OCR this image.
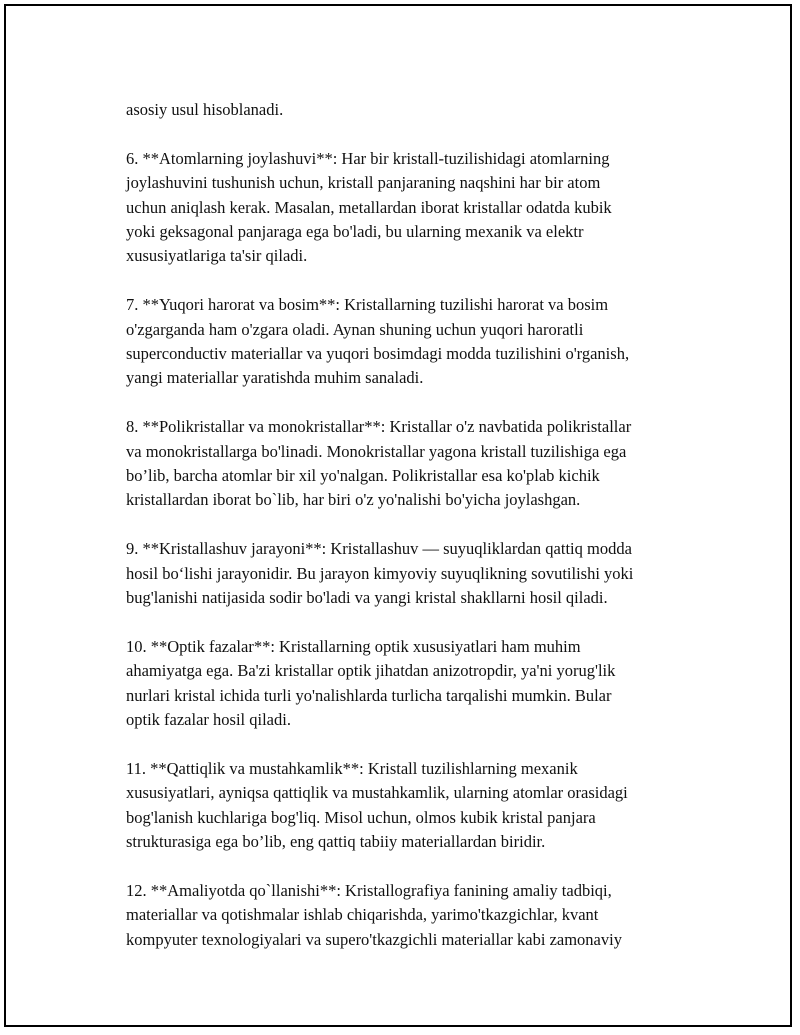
asosiy usul hisoblanadi.

6. **Atomlarning joylashuvi**: Har bir kristall-tuzilishidagi atomlarning
joylashuvini tushunish uchun, kristall panjaraning naqshini har bir atom
uchun aniqlash kerak. Masalan, metallardan iborat kristallar odatda kubik
yoki geksagonal panjaraga ega bo'ladi, bu ularning mexanik va elektr
xususiyatlariga ta'sir qiladi.

7. **Yuqori harorat va bosim**: Kristallarning tuzilishi harorat va bosim
o'zgarganda ham o'zgara oladi. Aynan shuning uchun yuqori haroratli
superconductiv materiallar va yuqori bosimdagi modda tuzilishini o'rganish,
yangi materiallar yaratishda muhim sanaladi.

8. **Polikristallar va monokristallar**: Kristallar o'z navbatida polikristallar
va monokristallarga bo'linadi. Monokristallar yagona kristall tuzilishiga ega
bo’lib, barcha atomlar bir xil yo'nalgan. Polikristallar esa ko'plab kichik
kristallardan iborat bo`lib, har biri o'z yo'nalishi bo'yicha joylashgan.

9. **Kristallashuv jarayoni**: Kristallashuv — suyuqliklardan qattiq modda
hosil bo‘lishi jarayonidir. Bu jarayon kimyoviy suyuqlikning sovutilishi yoki
bug'lanishi natijasida sodir bo'ladi va yangi kristal shakllarni hosil qiladi.

10. **Optik fazalar**: Kristallarning optik xususiyatlari ham muhim
ahamiyatga ega. Ba'zi kristallar optik jihatdan anizotropdir, ya'ni yorug'lik
nurlari kristal ichida turli yo'nalishlarda turlicha tarqalishi mumkin. Bular
optik fazalar hosil qiladi.

11. **Qattiqlik va mustahkamlik**: Kristall tuzilishlarning mexanik
xususiyatlari, ayniqsa qattiqlik va mustahkamlik, ularning atomlar orasidagi
bog'lanish kuchlariga bog'liq. Misol uchun, olmos kubik kristal panjara
strukturasiga ega bo’lib, eng qattiq tabiiy materiallardan biridir.

12. **Amaliyotda qo`llanishi**: Kristallografiya fanining amaliy tadbiqi,
materiallar va qotishmalar ishlab chiqarishda, yarimo'tkazgichlar, kvant
kompyuter texnologiyalari va supero'tkazgichli materiallar kabi zamonaviy
